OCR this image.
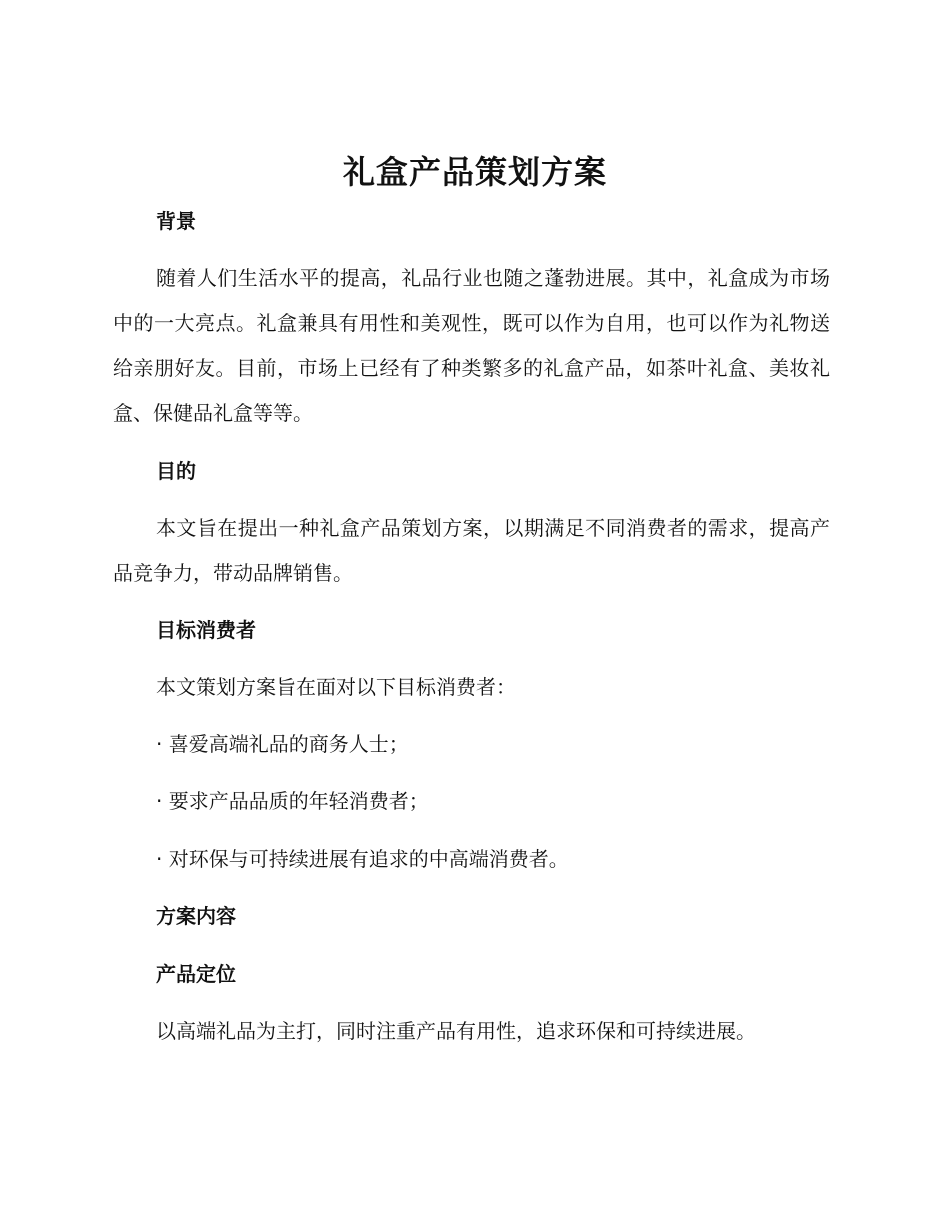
礼盒产品策划方案
背景
随着人们生活水平的提高，礼品行业也随之蓬勃进展。其中，礼盒成为市场中的一大亮点。礼盒兼具有用性和美观性，既可以作为自用，也可以作为礼物送给亲朋好友。目前，市场上已经有了种类繁多的礼盒产品，如茶叶礼盒、美妆礼盒、保健品礼盒等等。
目的
本文旨在提出一种礼盒产品策划方案，以期满足不同消费者的需求，提高产品竞争力，带动品牌销售。
目标消费者
本文策划方案旨在面对以下目标消费者：
· 喜爱高端礼品的商务人士；
· 要求产品品质的年轻消费者；
· 对环保与可持续进展有追求的中高端消费者。
方案内容
产品定位
以高端礼品为主打，同时注重产品有用性，追求环保和可持续进展。
